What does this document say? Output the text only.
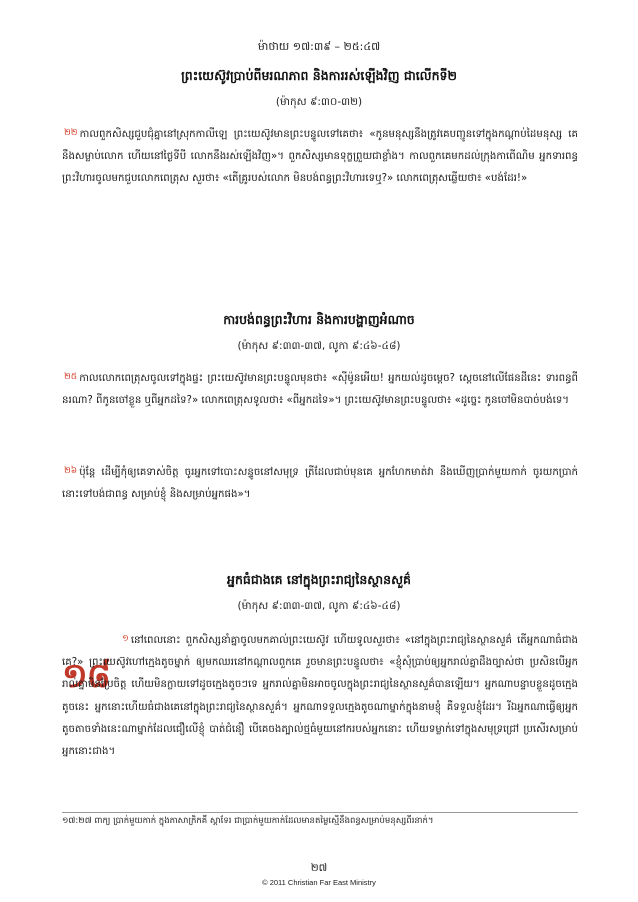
ម៉ាថាយ ១៧:៣៩ – ២៥:៤៧
ព្រះយេស៊ូវប្រាប់ពីមរណភាព និងការរស់ឡើងវិញ ជាលើកទី២
(ម៉ាកុស ៩:៣០-៣២)
២២ កាលពួកសិស្សជួបជុំគ្នានៅស្រុកកាលីឡេ ព្រះយេស៊ូវមានព្រះបន្ទូលទៅគេថា៖ «កូនមនុស្សនឹងត្រូវគេបញ្ជូនទៅក្នុងកណ្ដាប់ដៃមនុស្ស គេនឹងសម្លាប់លោក ហើយនៅថ្ងៃទីបី លោកនឹងរស់ឡើងវិញ»។ ពួកសិស្សមានទុក្ខព្រួយជាខ្លាំង។ កាលពួកគេមកដល់ក្រុងកាពើណិម អ្នកទារពន្ធព្រះវិហារចូលមកជួបលោកពេត្រុស សួរថា៖ «តើគ្រូរបស់លោក មិនបង់ពន្ធព្រះវិហារទេឬ?» លោកពេត្រុសឆ្លើយថា៖ «បង់ដែរ!»
ការបង់ពន្ធព្រះវិហារ និងការបង្ហាញអំណាច
(ម៉ាកុស ៩:៣៣-៣៧, លូកា ៩:៤៦-៤៨)
២៥ កាលលោកពេត្រុសចូលទៅក្នុងផ្ទះ ព្រះយេស៊ូវមានព្រះបន្ទូលមុនថា៖ «ស៊ីម៉ូនអើយ! អ្នកយល់ដូចម្ដេច? ស្ដេចនៅលើផែនដីនេះ ទារពន្ធពីនរណា? ពីកូនចៅខ្លួន ឬពីអ្នកដទៃ?» លោកពេត្រុសទូលថា៖ «ពីអ្នកដទៃ»។ ព្រះយេស៊ូវមានព្រះបន្ទូលថា៖ «ដូច្នេះ កូនចៅមិនបាច់បង់ទេ។
២៦ ប៉ុន្តែ ដើម្បីកុំឲ្យគេទាស់ចិត្ត ចូរអ្នកទៅបោះសន្ទូចនៅសមុទ្រ ត្រីដែលជាប់មុនគេ អ្នកហែកមាត់វា នឹងឃើញប្រាក់មួយកាក់ ចូរយកប្រាក់នោះទៅបង់ជាពន្ធ សម្រាប់ខ្ញុំ និងសម្រាប់អ្នកផង»។
អ្នកធំជាងគេ នៅក្នុងព្រះរាជ្យនៃស្ថានសួគ៌
(ម៉ាកុស ៩:៣៣-៣៧, លូកា ៩:៤៦-៤៨)
១៨
១ នៅពេលនោះ ពួកសិស្សនាំគ្នាចូលមកគាល់ព្រះយេស៊ូវ ហើយទូលសួរថា៖ «នៅក្នុងព្រះរាជ្យនៃស្ថានសួគ៌ តើអ្នកណាធំជាងគេ?» ព្រះយេស៊ូវហៅក្មេងតូចម្នាក់ ឲ្យមកឈរនៅកណ្ដាលពួកគេ រួចមានព្រះបន្ទូលថា៖ «ខ្ញុំសុំប្រាប់ឲ្យអ្នករាល់គ្នាដឹងច្បាស់ថា ប្រសិនបើអ្នករាល់គ្នាមិនប្រែចិត្ត ហើយមិនក្លាយទៅដូចក្មេងតូចៗទេ អ្នករាល់គ្នាមិនអាចចូលក្នុងព្រះរាជ្យនៃស្ថានសួគ៌បានឡើយ។ អ្នកណាបន្ទាបខ្លួនដូចក្មេងតូចនេះ អ្នកនោះហើយធំជាងគេនៅក្នុងព្រះរាជ្យនៃស្ថានសួគ៌។ អ្នកណាទទួលក្មេងតូចណាម្នាក់ក្នុងនាមខ្ញុំ គឺទទួលខ្ញុំដែរ។ រីឯអ្នកណាធ្វើឲ្យអ្នកតូចតាចទាំងនេះណាម្នាក់ដែលជឿលើខ្ញុំ បាត់ជំនឿ បើគេចងត្បាល់ថ្មធំមួយនៅករបស់អ្នកនោះ ហើយទម្លាក់ទៅក្នុងសមុទ្រជ្រៅ ប្រសើរសម្រាប់អ្នកនោះជាង។
១៧:២៧ ពាក្យ ប្រាក់មួយកាក់ ក្នុងភាសាក្រិកគឺ ស្តាទែរ ជាប្រាក់មួយកាក់ដែលមានតម្លៃស្មើនឹងពន្ធសម្រាប់មនុស្សពីរនាក់។
២៧
© 2011 Christian Far East Ministry
